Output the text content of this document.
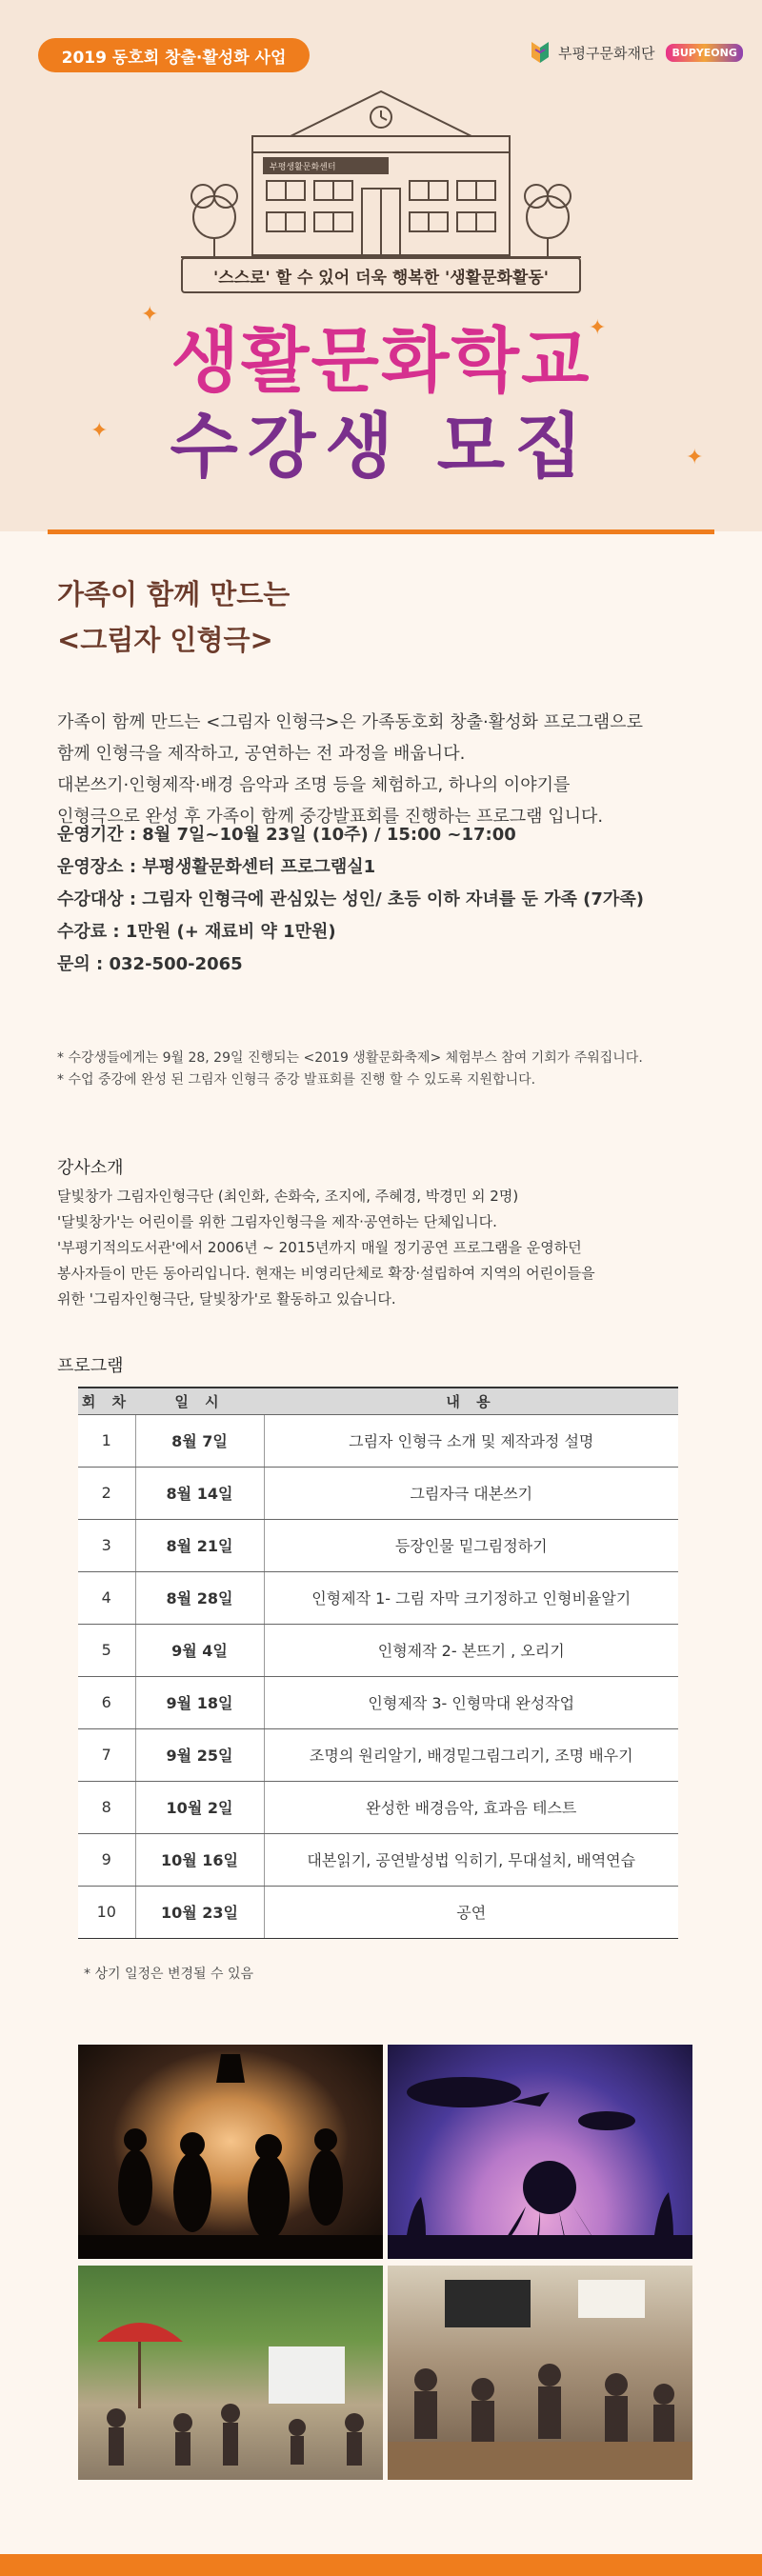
2019 동호회 창출·활성화 사업	부평구문화재단	BUPYEONG
부평생활문화센터
'스스로' 할 수 있어 더욱 행복한 '생활문화활동'
✦
✦
✦
✦
생활문화학교
수강생 모집
가족이 함께 만드는
<그림자 인형극>
가족이 함께 만드는 <그림자 인형극>은 가족동호회 창출·활성화 프로그램으로
함께 인형극을 제작하고, 공연하는 전 과정을 배웁니다.
대본쓰기·인형제작·배경 음악과 조명 등을 체험하고, 하나의 이야기를
인형극으로 완성 후 가족이 함께 중강발표회를 진행하는 프로그램 입니다.
운영기간 : 8월 7일~10월 23일 (10주) / 15:00 ~17:00
운영장소 : 부평생활문화센터 프로그램실1
수강대상 : 그림자 인형극에 관심있는 성인/ 초등 이하 자녀를 둔 가족 (7가족)
수강료 : 1만원 (+ 재료비 약 1만원)
문의 : 032-500-2065
* 수강생들에게는 9월 28, 29일 진행되는 <2019 생활문화축제> 체험부스 참여 기회가 주워집니다.
* 수업 중강에 완성 된 그림자 인형극 중강 발표회를 진행 할 수 있도록 지원합니다.
강사소개
달빛창가 그림자인형극단 (최인화, 손화숙, 조지에, 주혜경, 박경민 외 2명)
'달빛창가'는 어린이를 위한 그림자인형극을 제작·공연하는 단체입니다.
'부평기적의도서관'에서 2006년 ~ 2015년까지 매월 정기공연 프로그램을 운영하던
봉사자들이 만든 동아리입니다. 현재는 비영리단체로 확장·설립하여 지역의 어린이들을
위한 '그림자인형극단, 달빛창가'로 활동하고 있습니다.
프로그램
회 차	일 시	내 용
1	8월 7일	그림자 인형극 소개 및 제작과정 설명
2	8월 14일	그림자극 대본쓰기
3	8월 21일	등장인물 밑그림정하기
4	8월 28일	인형제작 1- 그림 자막 크기정하고 인형비율알기
5	9월 4일	인형제작 2- 본뜨기 , 오리기
6	9월 18일	인형제작 3- 인형막대 완성작업
7	9월 25일	조명의 원리알기, 배경밑그림그리기, 조명 배우기
8	10월 2일	완성한 배경음악, 효과음 테스트
9	10월 16일	대본읽기, 공연발성법 익히기, 무대설치, 배역연습
10	10월 23일	공연
* 상기 일정은 변경될 수 있음
